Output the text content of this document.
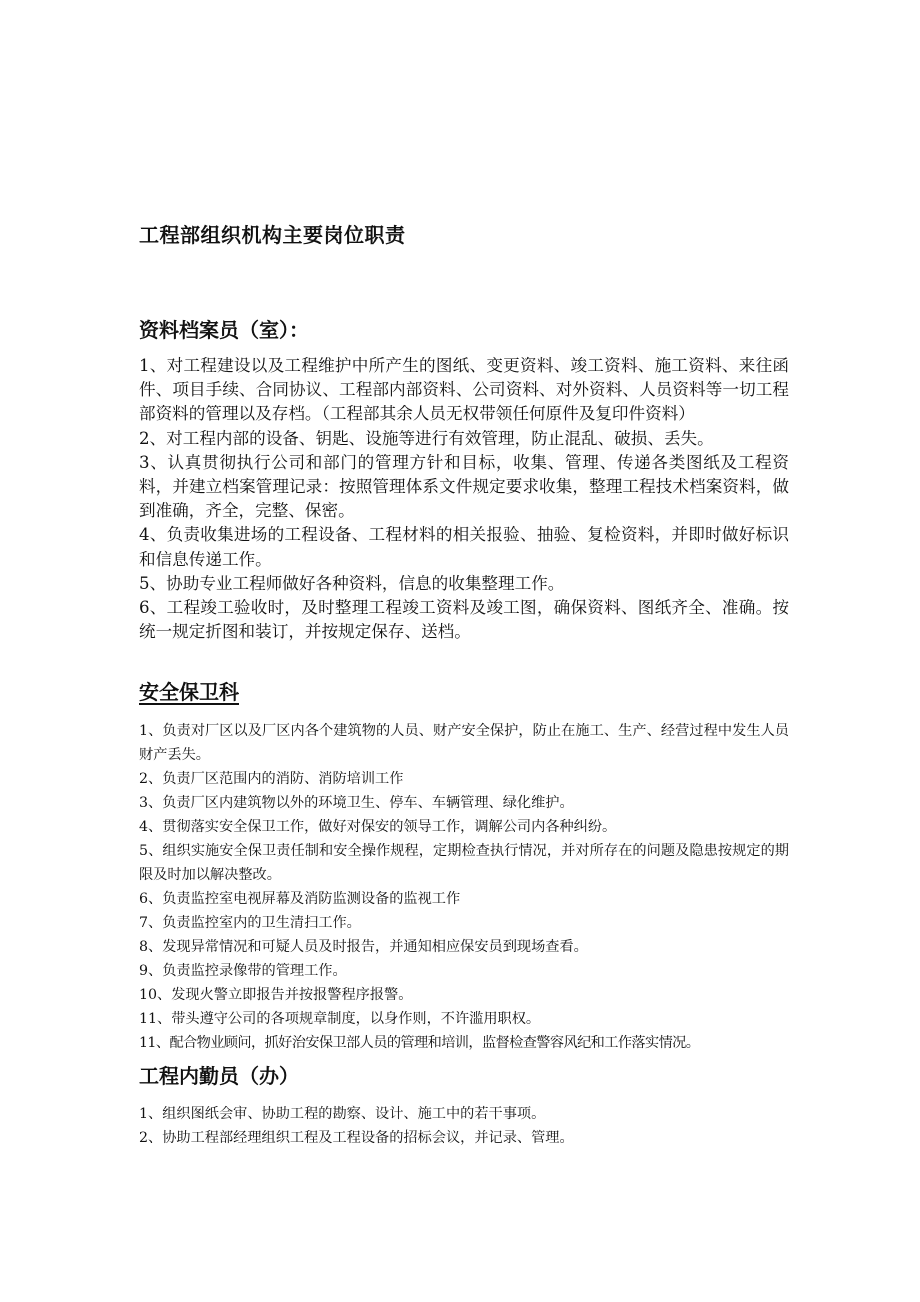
工程部组织机构主要岗位职责
资料档案员（室）：
1、对工程建设以及工程维护中所产生的图纸、变更资料、竣工资料、施工资料、来往函件、项目手续、合同协议、工程部内部资料、公司资料、对外资料、人员资料等一切工程部资料的管理以及存档。（工程部其余人员无权带领任何原件及复印件资料）
2、对工程内部的设备、钥匙、设施等进行有效管理，防止混乱、破损、丢失。
3、认真贯彻执行公司和部门的管理方针和目标，收集、管理、传递各类图纸及工程资料，并建立档案管理记录：按照管理体系文件规定要求收集，整理工程技术档案资料，做到准确，齐全，完整、保密。
4、负责收集进场的工程设备、工程材料的相关报验、抽验、复检资料，并即时做好标识和信息传递工作。
5、协助专业工程师做好各种资料，信息的收集整理工作。
6、工程竣工验收时，及时整理工程竣工资料及竣工图，确保资料、图纸齐全、准确。按统一规定折图和装订，并按规定保存、送档。
安全保卫科
1、负责对厂区以及厂区内各个建筑物的人员、财产安全保护，防止在施工、生产、经营过程中发生人员财产丢失。
2、负责厂区范围内的消防、消防培训工作
3、负责厂区内建筑物以外的环境卫生、停车、车辆管理、绿化维护。
4、贯彻落实安全保卫工作，做好对保安的领导工作，调解公司内各种纠纷。
5、组织实施安全保卫责任制和安全操作规程，定期检查执行情况，并对所存在的问题及隐患按规定的期限及时加以解决整改。
6、负责监控室电视屏幕及消防监测设备的监视工作
7、负责监控室内的卫生清扫工作。
8、发现异常情况和可疑人员及时报告，并通知相应保安员到现场查看。
9、负责监控录像带的管理工作。
10、发现火警立即报告并按报警程序报警。
11、带头遵守公司的各项规章制度，以身作则，不许滥用职权。
11、配合物业顾问，抓好治安保卫部人员的管理和培训，监督检查警容风纪和工作落实情况。
工程内勤员（办）
1、组织图纸会审、协助工程的勘察、设计、施工中的若干事项。
2、协助工程部经理组织工程及工程设备的招标会议，并记录、管理。
